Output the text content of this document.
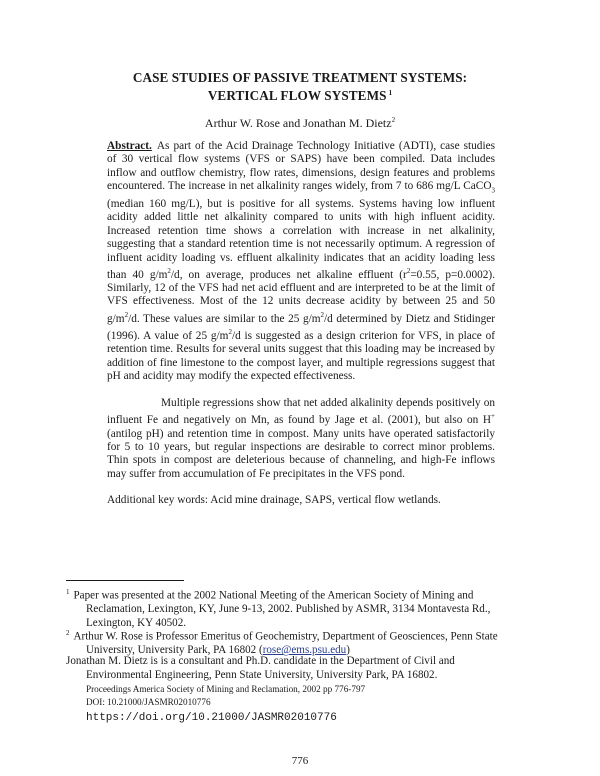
CASE STUDIES OF PASSIVE TREATMENT SYSTEMS:
VERTICAL FLOW SYSTEMS $^1$
Arthur W. Rose and Jonathan M. Dietz$^2$

Abstract. As part of the Acid Drainage Technology Initiative (ADTI), case studies of 30 vertical flow systems (VFS or SAPS) have been compiled. Data includes inflow and outflow chemistry, flow rates, dimensions, design features and problems encountered. The increase in net alkalinity ranges widely, from 7 to 686 mg/L CaCO$_3$ (median 160 mg/L), but is positive for all systems. Systems having low influent acidity added little net alkalinity compared to units with high influent acidity. Increased retention time shows a correlation with increase in net alkalinity, suggesting that a standard retention time is not necessarily optimum. A regression of influent acidity loading vs. effluent alkalinity indicates that an acidity loading less than 40 $g/m^2/d$, on average, produces net alkaline effluent ($r^2=0.55$, p=0.0002). Similarly, 12 of the VFS had net acid effluent and are interpreted to be at the limit of VFS effectiveness. Most of the 12 units decrease acidity by between 25 and 50 $g/m^2/d$. These values are similar to the 25 $g/m^2/d$ determined by Dietz and Stidinger (1996). A value of 25 $g/m^2/d$ is suggested as a design criterion for VFS, in place of retention time. Results for several units suggest that this loading may be increased by addition of fine limestone to the compost layer, and multiple regressions suggest that pH and acidity may modify the expected effectiveness.

Multiple regressions show that net added alkalinity depends positively on influent Fe and negatively on Mn, as found by Jage et al. (2001), but also on H+ (antilog pH) and retention time in compost. Many units have operated satisfactorily for 5 to 10 years, but regular inspections are desirable to correct minor problems. Thin spots in compost are deleterious because of channeling, and high-Fe inflows may suffer from accumulation of Fe precipitates in the VFS pond.

Additional key words: Acid mine drainage, SAPS, vertical flow wetlands.

$^1$ Paper was presented at the 2002 National Meeting of the American Society of Mining and
Reclamation, Lexington, KY, June 9-13, 2002. Published by ASMR, 3134 Montavesta Rd., Lexington, KY 40502.

$^2$ Arthur W. Rose is Professor Emeritus of Geochemistry, Department of Geosciences, Penn State
University, University Park, PA 16802 (rose@ems.psu.edu)

Jonathan M. Dietz is is a consultant and Ph.D. candidate in the Department of Civil and
Environmental Engineering, Penn State University, University Park, PA 16802.

Proceedings America Society of Mining and Reclamation, 2002 pp 776-797

DOI: 10.21000/JASMR02010776

https://doi.org/10.21000/JASMR02010776

776
